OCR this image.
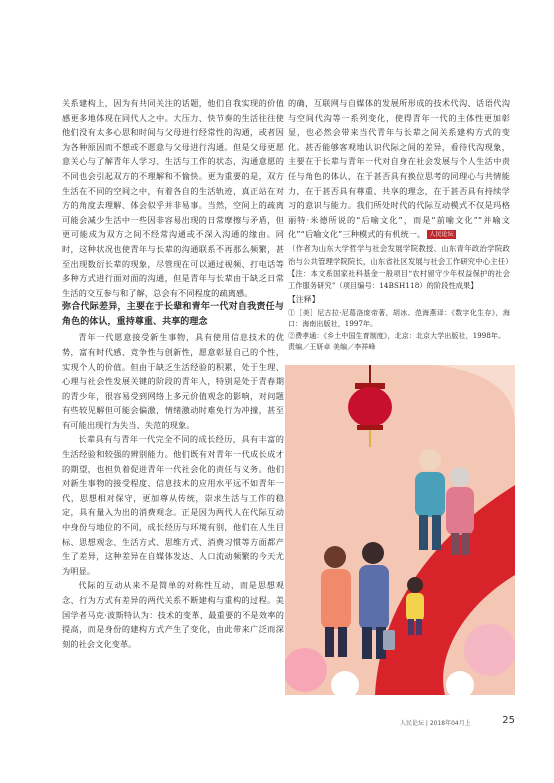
关系建构上，因为有共同关注的话题，他们自我实现的价值感更多地体现在同代人之中。大压力、快节奏的生活往往使他们没有太多心思和时间与父母进行经常性的沟通，或者因为各种原因而不想或不愿意与父母进行沟通。但是父母更愿意关心与了解青年人学习、生活与工作的状态，沟通意愿的不同也会引起双方的不理解和不愉快。更为重要的是，双方生活在不同的空间之中，有着各自的生活轨迹，真正站在对方的角度去理解、体会似乎并非易事。当然，空间上的疏离可能会减少生活中一些因非容易出现的日常摩擦与矛盾，但更可能成为双方之间不经常沟通或不深入沟通的缘由。同时，这种状况也使青年与长辈的沟通联系不再那么频繁，甚至出现数衍长辈的现象，尽管现在可以通过视频、打电话等多种方式进行面对面的沟通，但是青年与长辈由于缺乏日常生活的交互参与和了解，总会有不同程度的疏离感。

弥合代际差异，主要在于长辈和青年一代对自我责任与角色的体认，重持尊重、共享的理念

青年一代愿意接受新生事物，具有使用信息技术的优势，富有时代感、竞争性与创新性，愿意彰显自己的个性，实现个人的价值。但由于缺乏生活经验的积累，处于生理、心理与社会性发展关键的阶段的青年人，特别是处于青春期的青少年，很容易受到网络上多元价值观念的影响，对问题有些较见解但可能会偏激，情绪激动时难免行为冲撞，甚至有可能出现行为失当、失范的现象。

长辈具有与青年一代完全不同的成长经历，具有丰富的生活经验和较强的辨别能力。他们既有对青年一代成长成才的期望，也担负着促进青年一代社会化的责任与义务。他们对新生事物的接受程度、信息技术的应用水平远不如青年一代，思想相对保守，更加尊从传统，崇求生活与工作的稳定，具有量入为出的消费观念。正是因为两代人在代际互动中身份与地位的不同，成长经历与环境有别，他们在人生目标、思想观念、生活方式、思维方式、消费习惯等方面都产生了差异，这种差异在自媒体发达、人口流动频繁的今天尤为明显。

代际的互动从来不是简单的对称性互动，而是思想观念、行为方式有差异的两代关系不断建构与重构的过程。美国学者马克·波斯特认为：技术的变革、最重要的不是效率的提高，而是身份的建构方式产生了变化，由此带来广泛而深刻的社会文化变革。

的确，互联网与自媒体的发展所形成的技术代沟、话语代沟与空间代沟等一系列变化，使得青年一代的主体性更加彰显，也必然会带来当代青年与长辈之间关系建构方式的变化。甚否能够客观地认识代际之间的差异，看待代沟现象，主要在于长辈与青年一代对自身在社会发展与个人生活中责任与角色的体认，在于甚否具有换位思考的同理心与共情能力，在于甚否具有尊重、共享的理念，在于甚否具有持续学习的意识与能力。我们所处时代的代际互动模式不仅是玛格丽特·米德所说的“后喻文化”，而是“前喻文化”“并喻文化”“后喻文化”三种模式的有机统一。 人民论坛

（作者为山东大学哲学与社会发展学院教授、山东青年政治学院政治与公共管理学院院长，山东省社区发展与社会工作研究中心主任）

【注：本文系国家社科基金一般项目“农村留守少年权益保护的社会工作服务研究”（项目编号：14BSH118）的阶段性成果】

【注释】

①［美］尼古拉·尼葛洛庞帝著，胡冰、范海燕译：《数字化生存》，海口：海南出版社，1997年。

②费孝通：《乡土中国生育制度》，北京：北京大学出版社，1998年。

责编／王妍卓 美编／李祥峰

人民论坛 | 2018年04月上	25
